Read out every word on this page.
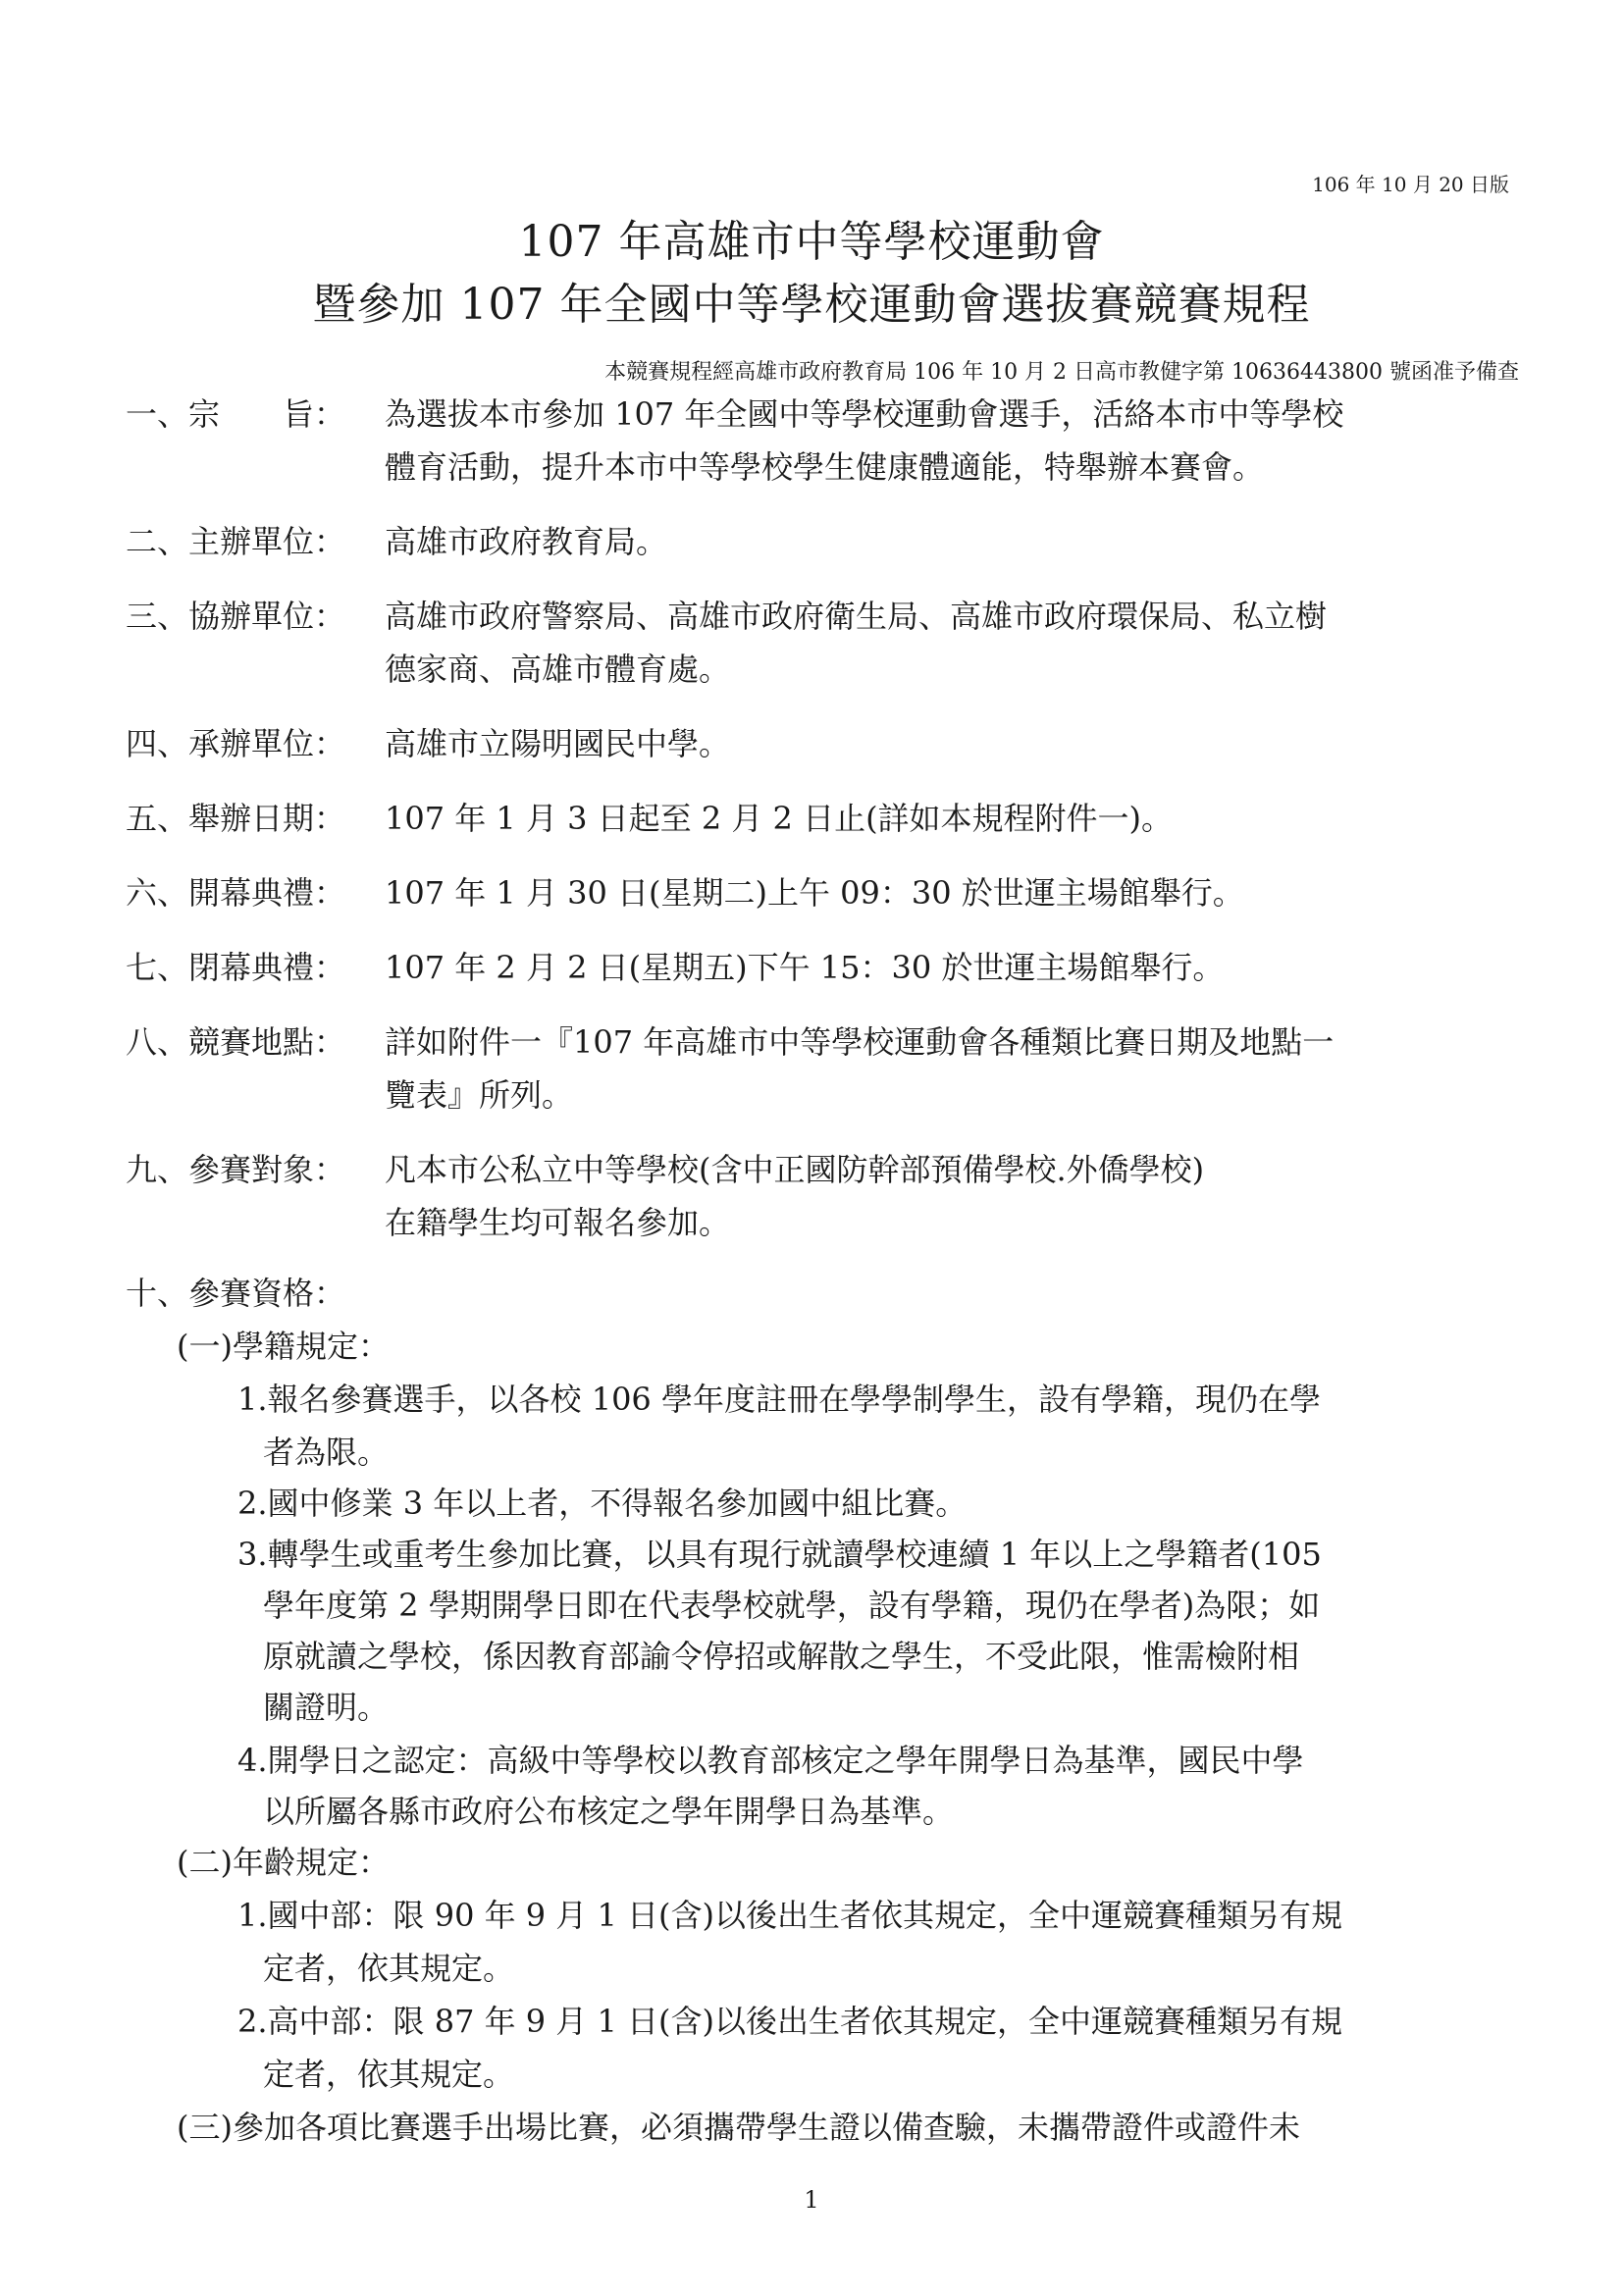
106 年 10 月 20 日版
107 年高雄市中等學校運動會
暨參加 107 年全國中等學校運動會選拔賽競賽規程
本競賽規程經高雄市政府教育局 106 年 10 月 2 日高市教健字第 10636443800 號函准予備查
一、宗　　旨： 為選拔本市參加 107 年全國中等學校運動會選手，活絡本市中等學校
體育活動，提升本市中等學校學生健康體適能，特舉辦本賽會。
二、主辦單位： 高雄市政府教育局。
三、協辦單位： 高雄市政府警察局、高雄市政府衛生局、高雄市政府環保局、私立樹
德家商、高雄市體育處。
四、承辦單位： 高雄市立陽明國民中學。
五、舉辦日期： 107 年 1 月 3 日起至 2 月 2 日止(詳如本規程附件一)。
六、開幕典禮： 107 年 1 月 30 日(星期二)上午 09：30 於世運主場館舉行。
七、閉幕典禮： 107 年 2 月 2 日(星期五)下午 15：30 於世運主場館舉行。
八、競賽地點： 詳如附件一『107 年高雄市中等學校運動會各種類比賽日期及地點一
覽表』所列。
九、參賽對象： 凡本市公私立中等學校(含中正國防幹部預備學校.外僑學校)
在籍學生均可報名參加。
十、參賽資格：
(一)學籍規定：
1.報名參賽選手，以各校 106 學年度註冊在學學制學生，設有學籍，現仍在學
者為限。
2.國中修業 3 年以上者，不得報名參加國中組比賽。
3.轉學生或重考生參加比賽，以具有現行就讀學校連續 1 年以上之學籍者(105
學年度第 2 學期開學日即在代表學校就學，設有學籍，現仍在學者)為限；如
原就讀之學校，係因教育部諭令停招或解散之學生，不受此限，惟需檢附相
關證明。
4.開學日之認定：高級中等學校以教育部核定之學年開學日為基準，國民中學
以所屬各縣市政府公布核定之學年開學日為基準。
(二)年齡規定：
1.國中部：限 90 年 9 月 1 日(含)以後出生者依其規定，全中運競賽種類另有規
定者，依其規定。
2.高中部：限 87 年 9 月 1 日(含)以後出生者依其規定，全中運競賽種類另有規
定者，依其規定。
(三)參加各項比賽選手出場比賽，必須攜帶學生證以備查驗，未攜帶證件或證件未
1
